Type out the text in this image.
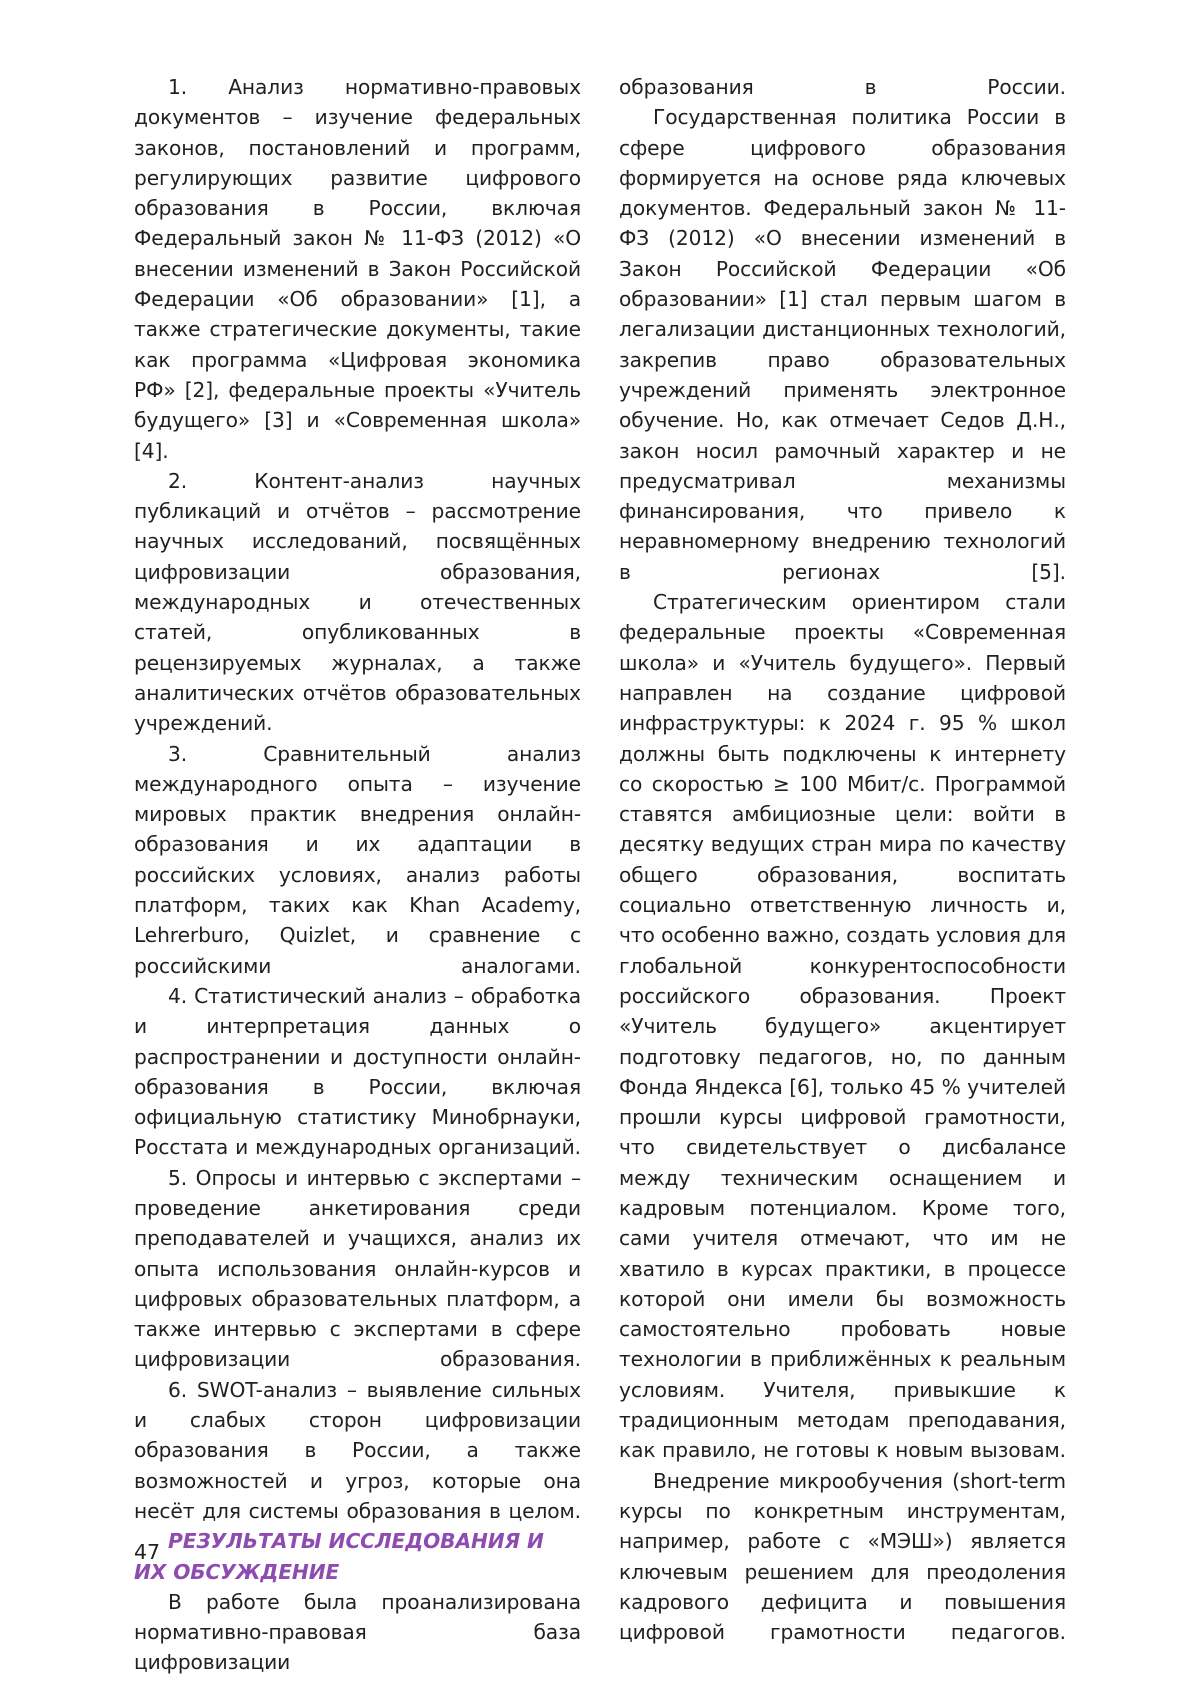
1. Анализ нормативно-правовых документов – изучение федеральных законов, постановлений и программ, регулирующих развитие цифрового образования в России, включая Федеральный закон № 11-ФЗ (2012) «О внесении изменений в Закон Российской Федерации «Об образовании» [1], а также стратегические документы, такие как программа «Цифровая экономика РФ» [2], федеральные проекты «Учитель будущего» [3] и «Современная школа» [4].

2. Контент-анализ научных публикаций и отчётов – рассмотрение научных исследований, посвящённых цифровизации образования, международных и отечественных статей, опубликованных в рецензируемых журналах, а также аналитических отчётов образовательных учреждений.

3. Сравнительный анализ международного опыта – изучение мировых практик внедрения онлайн-образования и их адаптации в российских условиях, анализ работы платформ, таких как Khan Academy, Lehrerburo, Quizlet, и сравнение с российскими аналогами.

4. Статистический анализ – обработка и интерпретация данных о распространении и доступности онлайн-образования в России, включая официальную статистику Минобрнауки, Росстата и международных организаций.

5. Опросы и интервью с экспертами – проведение анкетирования среди преподавателей и учащихся, анализ их опыта использования онлайн-курсов и цифровых образовательных платформ, а также интервью с экспертами в сфере цифровизации образования.

6. SWOT-анализ – выявление сильных и слабых сторон цифровизации образования в России, а также возможностей и угроз, которые она несёт для системы образования в целом.

РЕЗУЛЬТАТЫ ИССЛЕДОВАНИЯ И ИХ ОБСУЖДЕНИЕ

В работе была проанализирована нормативно-правовая база цифровизации

образования в России.

Государственная политика России в сфере цифрового образования формируется на основе ряда ключевых документов. Федеральный закон № 11-ФЗ (2012) «О внесении изменений в Закон Российской Федерации «Об образовании» [1] стал первым шагом в легализации дистанционных технологий, закрепив право образовательных учреждений применять электронное обучение. Но, как отмечает Седов Д.Н., закон носил рамочный характер и не предусматривал механизмы финансирования, что привело к неравномерному внедрению технологий в регионах [5].

Стратегическим ориентиром стали федеральные проекты «Современная школа» и «Учитель будущего». Первый направлен на создание цифровой инфраструктуры: к 2024 г. 95 % школ должны быть подключены к интернету со скоростью ≥ 100 Мбит/с. Программой ставятся амбициозные цели: войти в десятку ведущих стран мира по качеству общего образования, воспитать социально ответственную личность и, что особенно важно, создать условия для глобальной конкурентоспособности российского образования. Проект «Учитель будущего» акцентирует подготовку педагогов, но, по данным Фонда Яндекса [6], только 45 % учителей прошли курсы цифровой грамотности, что свидетельствует о дисбалансе между техническим оснащением и кадровым потенциалом. Кроме того, сами учителя отмечают, что им не хватило в курсах практики, в процессе которой они имели бы возможность самостоятельно пробовать новые технологии в приближённых к реальным условиям. Учителя, привыкшие к традиционным методам преподавания, как правило, не готовы к новым вызовам.

Внедрение микрообучения (short-term курсы по конкретным инструментам, например, работе с «МЭШ») является ключевым решением для преодоления кадрового дефицита и повышения цифровой грамотности педагогов.

47
